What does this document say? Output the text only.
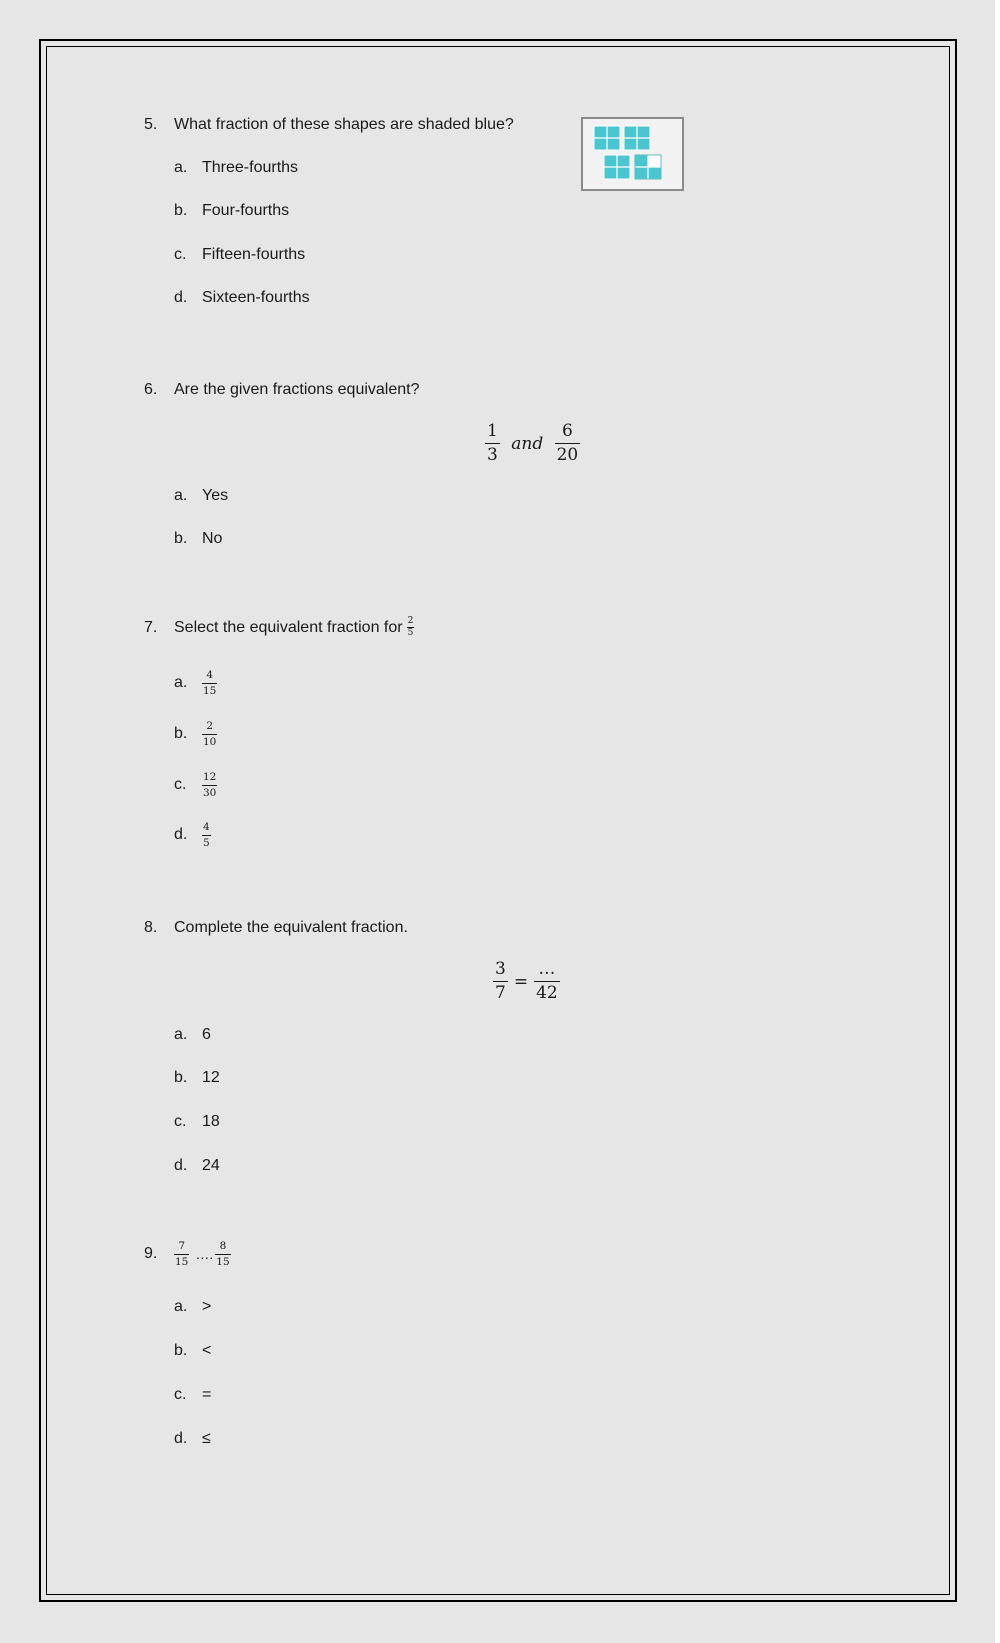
5. What fraction of these shapes are shaded blue?
a. Three-fourths
b. Four-fourths
c. Fifteen-fourths
d. Sixteen-fourths
6. Are the given fractions equivalent?
$\frac{1}{3}$ and $\frac{6}{20}$
a. Yes
b. No
7.	Select the equivalent fraction for $\frac{2}{5}$
a.	$\frac{4}{15}$
b.	$\frac{2}{10}$
c.	$\frac{12}{30}$
d.	$\frac{4}{5}$
8. Complete the equivalent fraction.
$\frac{3}{7} = \frac{\dots}{42}$
a. 6
b. 12
c. 18
d. 24
9.	$\frac{7}{15}$ …. $\frac{8}{15}$
a. >
b. <
c. =
d. ≤
